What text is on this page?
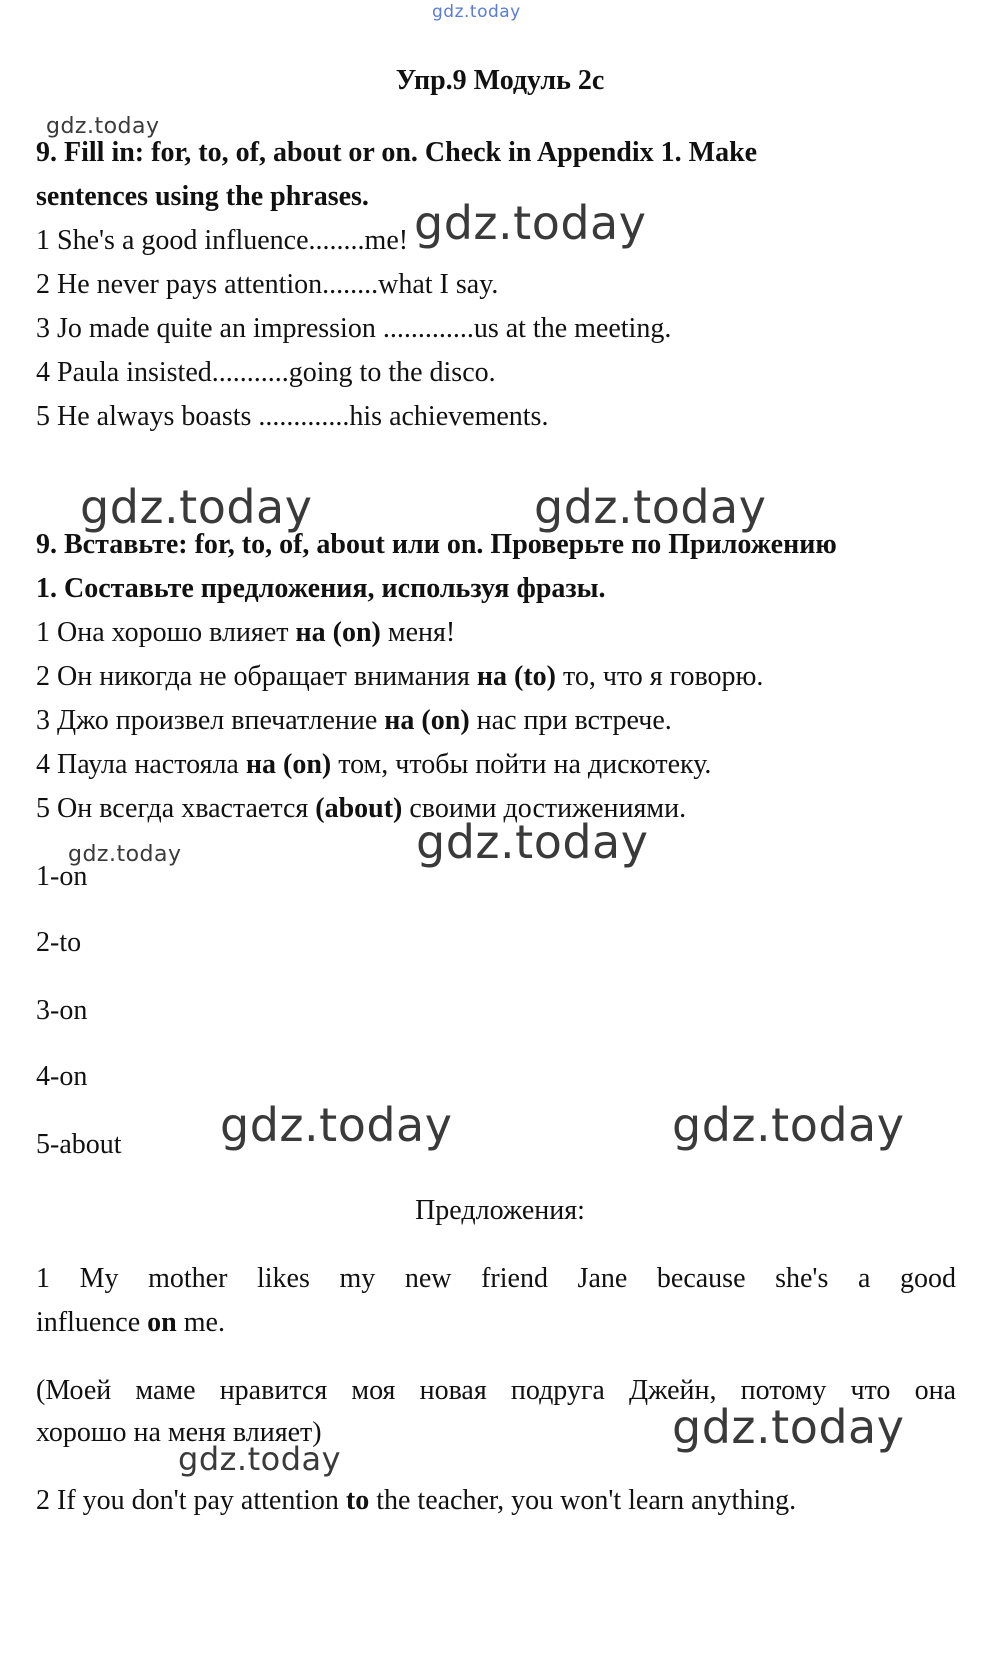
gdz.today
gdz.today
gdz.today
gdz.today	gdz.today
gdz.today
gdz.today
gdz.today	gdz.today
gdz.today
gdz.today
Упр.9 Модуль 2c
9. Fill in: for, to, of, about or on. Check in Appendix 1. Make
sentences using the phrases.
1 She's a good influence........me!
2 He never pays attention........what I say.
3 Jo made quite an impression .............us at the meeting.
4 Paula insisted...........going to the disco.
5 He always boasts .............his achievements.
9. Вставьте: for, to, of, about или on. Проверьте по Приложению
1. Составьте предложения, используя фразы.
1 Она хорошо влияет на (on) меня!
2 Он никогда не обращает внимания на (to) то, что я говорю.
3 Джо произвел впечатление на (on) нас при встрече.
4 Паула настояла на (on) том, чтобы пойти на дискотеку.
5 Он всегда хвастается (about) своими достижениями.
1-on
2-to
3-on
4-on
5-about
Предложения:
1 My mother likes my new friend Jane because she's a good
influence on me.
(Моей маме нравится моя новая подруга Джейн, потому что она
хорошо на меня влияет)
2 If you don't pay attention to the teacher, you won't learn anything.
